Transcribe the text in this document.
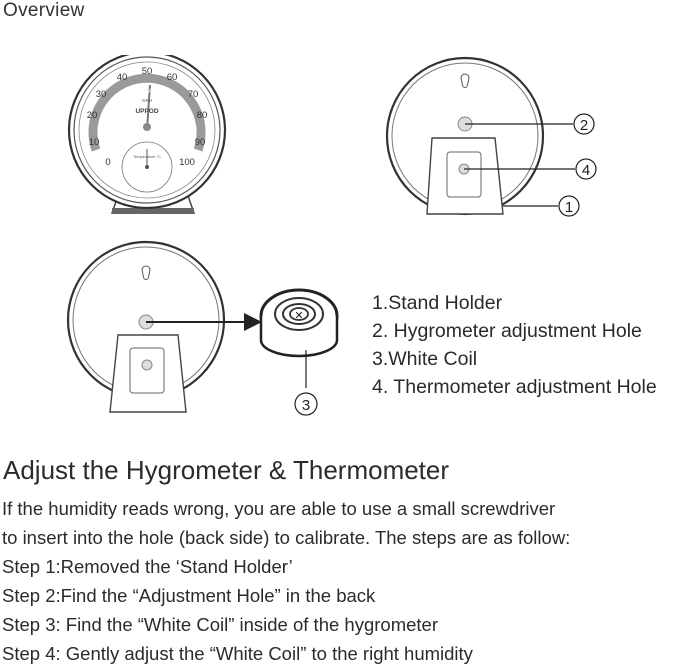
Overview
0
10
20
30
40
50
60
70
80
90
100
IDEAL
DRY	WET
%RH
UPPOD
Temperature °C
2
4
1
✕
3
1.Stand Holder
2. Hygrometer adjustment Hole
3.White Coil
4. Thermometer adjustment Hole
Adjust the Hygrometer & Thermometer
If the humidity reads wrong, you are able to use a small screwdriver
to insert into the hole (back side) to calibrate. The steps are as follow:
Step 1:Removed the ‘Stand Holder’
Step 2:Find the “Adjustment Hole” in the back
Step 3: Find the “White Coil” inside of the hygrometer
Step 4: Gently adjust the “White Coil” to the right humidity
